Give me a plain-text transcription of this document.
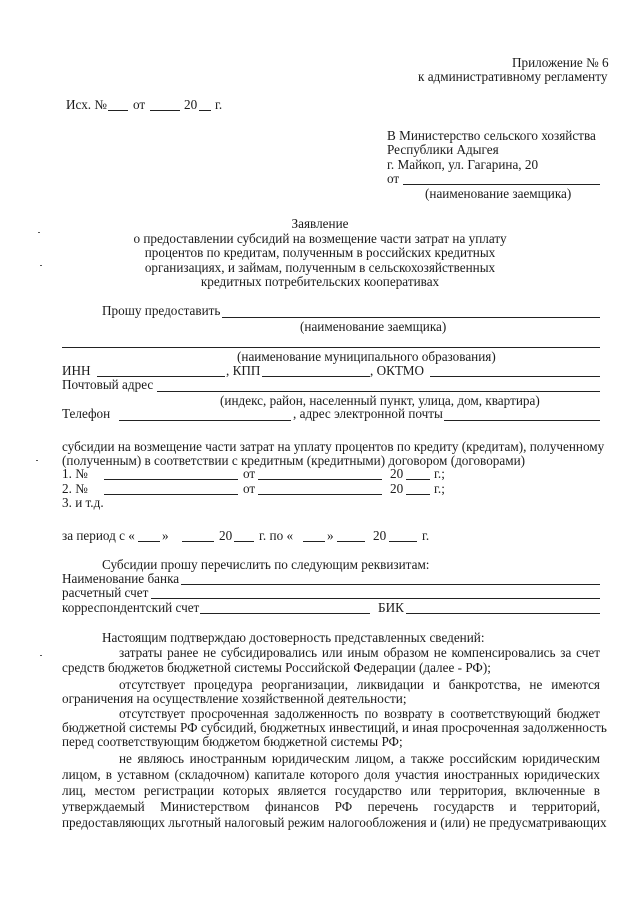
Приложение № 6
к административному регламенту
Исх. № от	20 г.
В Министерство сельского хозяйства
Республики Адыгея
г. Майкоп, ул. Гагарина, 20
от
(наименование заемщика)
Заявление
о предоставлении субсидий на возмещение части затрат на уплату
процентов по кредитам, полученным в российских кредитных
организациях, и займам, полученным в сельскохозяйственных
кредитных потребительских кооперативах
Прошу предоставить
(наименование заемщика)
(наименование муниципального образования)
ИНН	, КПП	, ОКТМО
Почтовый адрес
(индекс, район, населенный пункт, улица, дом, квартира)
Телефон	, адрес электронной почты
субсидии на возмещение части затрат на уплату процентов по кредиту (кредитам), полученному
(полученным) в соответствии с кредитным (кредитными) договором (договорами)
1. №	от	20 г.;
2. №	от	20 г.;
3. и т.д.
за период с « »	20 г. по «	»	20	г.
Субсидии прошу перечислить по следующим реквизитам:
Наименование банка
расчетный счет
корреспондентский счет	БИК
Настоящим подтверждаю достоверность представленных сведений:
затраты ранее не субсидировались или иным образом не компенсировались за счет
средств бюджетов бюджетной системы Российской Федерации (далее - РФ);
отсутствует процедура реорганизации, ликвидации и банкротства, не имеются
ограничения на осуществление хозяйственной деятельности;
отсутствует просроченная задолженность по возврату в соответствующий бюджет
бюджетной системы РФ субсидий, бюджетных инвестиций, и иная просроченная задолженность
перед соответствующим бюджетом бюджетной системы РФ;
не являюсь иностранным юридическим лицом, а также российским юридическим
лицом, в уставном (складочном) капитале которого доля участия иностранных юридических
лиц, местом регистрации которых является государство или территория, включенные в
утверждаемый Министерством финансов РФ перечень государств и территорий,
предоставляющих льготный налоговый режим налогообложения и (или) не предусматривающих
